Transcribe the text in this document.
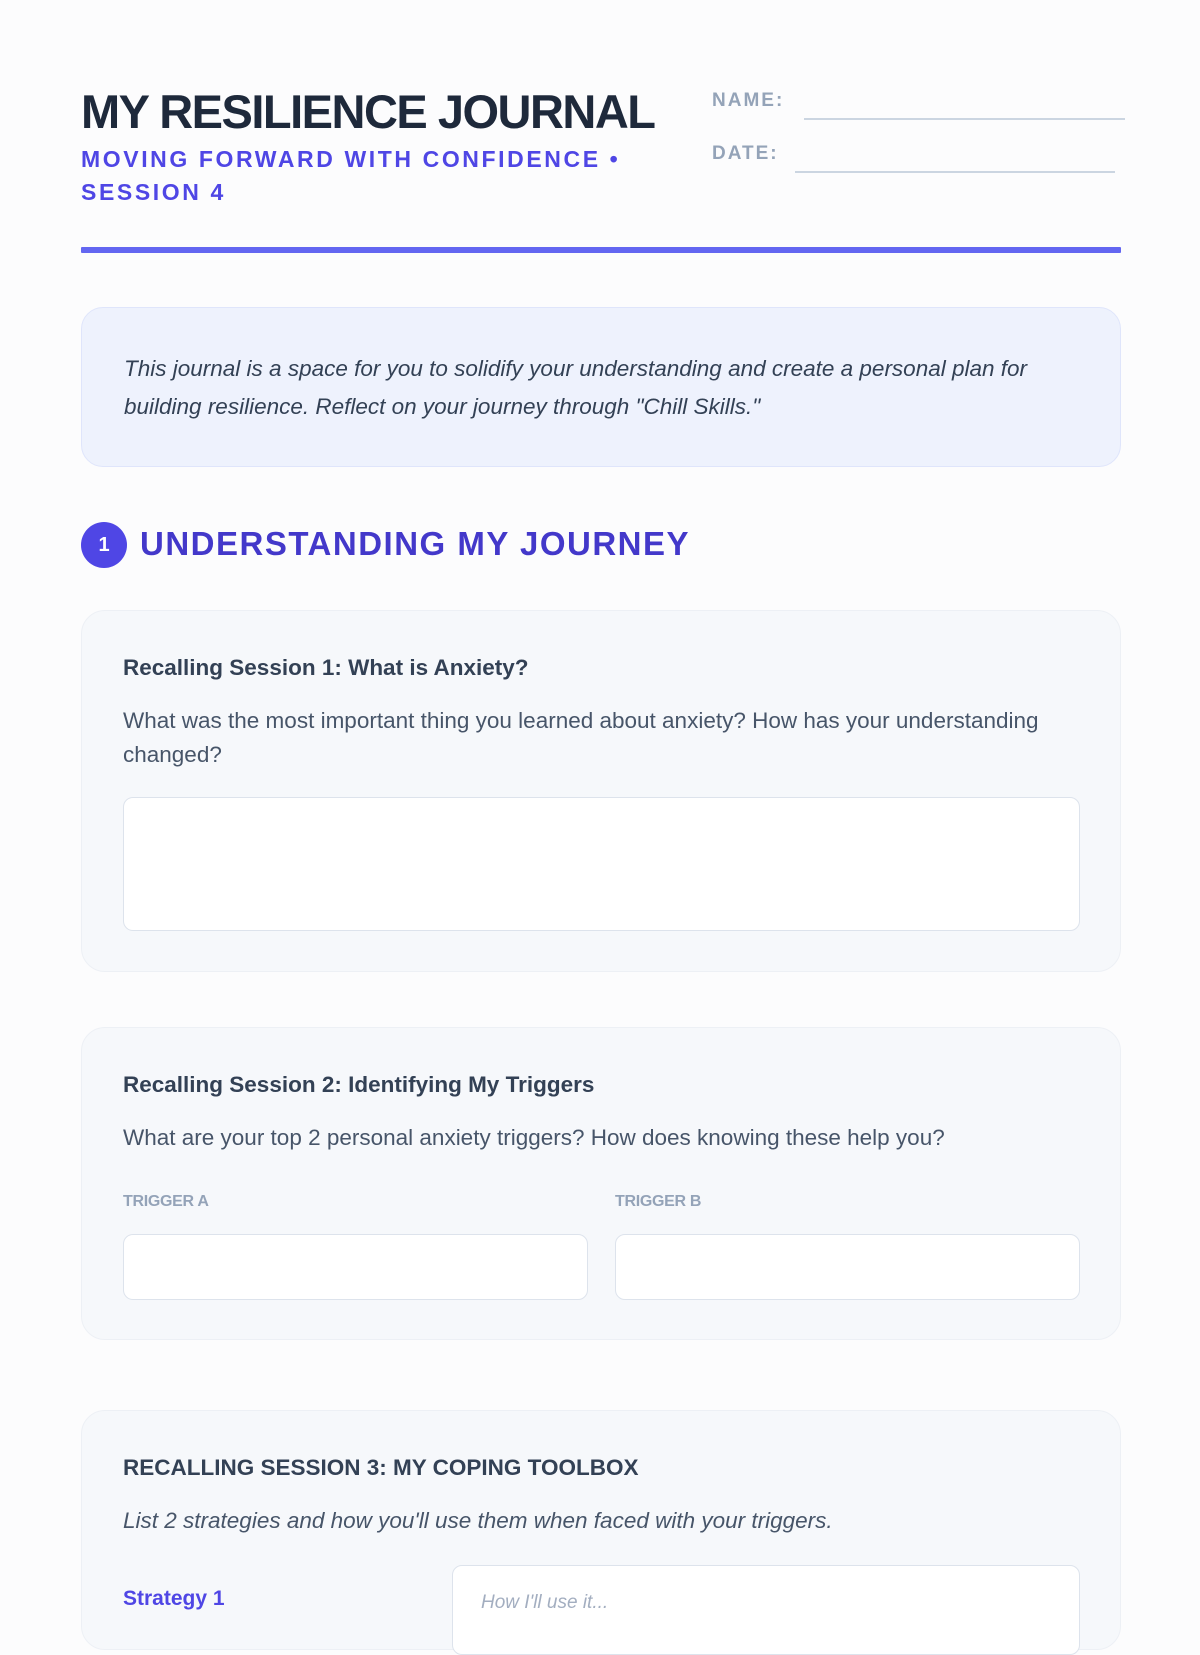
MY RESILIENCE JOURNAL
MOVING FORWARD WITH CONFIDENCE • SESSION 4
NAME:
DATE:

This journal is a space for you to solidify your understanding and create a personal plan for building resilience. Reflect on your journey through "Chill Skills."

1 UNDERSTANDING MY JOURNEY
Recalling Session 1: What is Anxiety?
What was the most important thing you learned about anxiety? How has your understanding changed?
Recalling Session 2: Identifying My Triggers
What are your top 2 personal anxiety triggers? How does knowing these help you?
TRIGGER A	TRIGGER B
RECALLING SESSION 3: MY COPING TOOLBOX
List 2 strategies and how you'll use them when faced with your triggers.
Strategy 1	How I'll use it...
